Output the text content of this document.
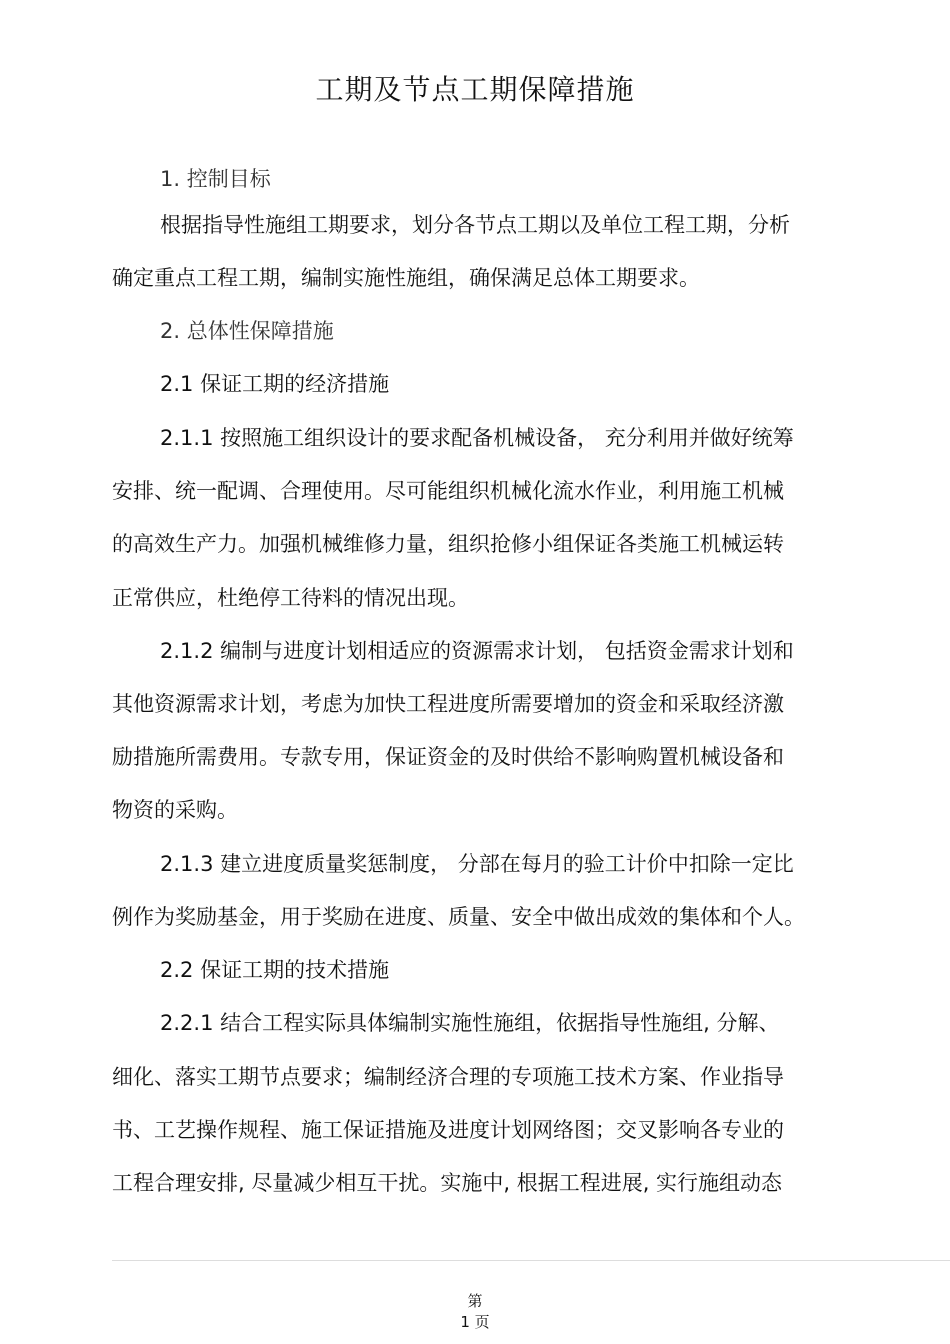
工期及节点工期保障措施
1. 控制目标
根据指导性施组工期要求，划分各节点工期以及单位工程工期，分析
确定重点工程工期，编制实施性施组，确保满足总体工期要求。
2. 总体性保障措施
2.1 保证工期的经济措施
2.1.1 按照施工组织设计的要求配备机械设备， 充分利用并做好统筹
安排、统一配调、合理使用。尽可能组织机械化流水作业，利用施工机械
的高效生产力。加强机械维修力量，组织抢修小组保证各类施工机械运转
正常供应，杜绝停工待料的情况出现。
2.1.2 编制与进度计划相适应的资源需求计划， 包括资金需求计划和
其他资源需求计划，考虑为加快工程进度所需要增加的资金和采取经济激
励措施所需费用。专款专用，保证资金的及时供给不影响购置机械设备和
物资的采购。
2.1.3 建立进度质量奖惩制度， 分部在每月的验工计价中扣除一定比
例作为奖励基金，用于奖励在进度、质量、安全中做出成效的集体和个人。
2.2 保证工期的技术措施
2.2.1 结合工程实际具体编制实施性施组，依据指导性施组, 分解、
细化、落实工期节点要求；编制经济合理的专项施工技术方案、作业指导
书、工艺操作规程、施工保证措施及进度计划网络图；交叉影响各专业的
工程合理安排, 尽量减少相互干扰。实施中, 根据工程进展, 实行施组动态
第
1 页
